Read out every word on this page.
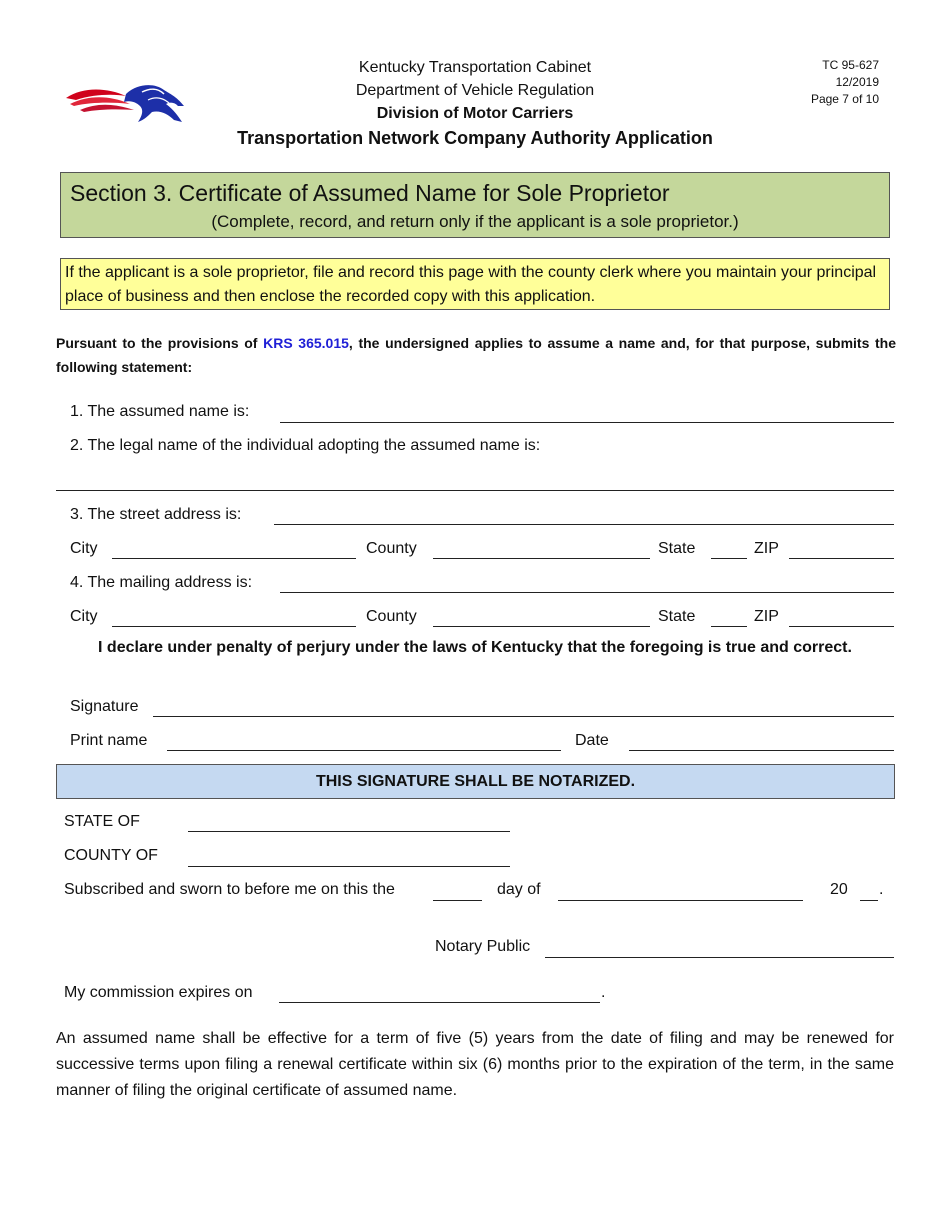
Kentucky Transportation Cabinet
Department of Vehicle Regulation
Division of Motor Carriers
Transportation Network Company Authority Application
TC 95-627
12/2019
Page 7 of 10
Section 3. Certificate of Assumed Name for Sole Proprietor
(Complete, record, and return only if the applicant is a sole proprietor.)
If the applicant is a sole proprietor, file and record this page with the county clerk where you maintain your principal place of business and then enclose the recorded copy with this application.
Pursuant to the provisions of KRS 365.015, the undersigned applies to assume a name and, for that purpose, submits the following statement:
1. The assumed name is:
2. The legal name of the individual adopting the assumed name is:
3. The street address is:
City	County	State	ZIP
4. The mailing address is:
City	County	State	ZIP
I declare under penalty of perjury under the laws of Kentucky that the foregoing is true and correct.
Signature
Print name	Date
THIS SIGNATURE SHALL BE NOTARIZED.
STATE OF
COUNTY OF
Subscribed and sworn to before me on this the	day of	20 .
Notary Public
My commission expires on	.
An assumed name shall be effective for a term of five (5) years from the date of filing and may be renewed for successive terms upon filing a renewal certificate within six (6) months prior to the expiration of the term, in the same manner of filing the original certificate of assumed name.
